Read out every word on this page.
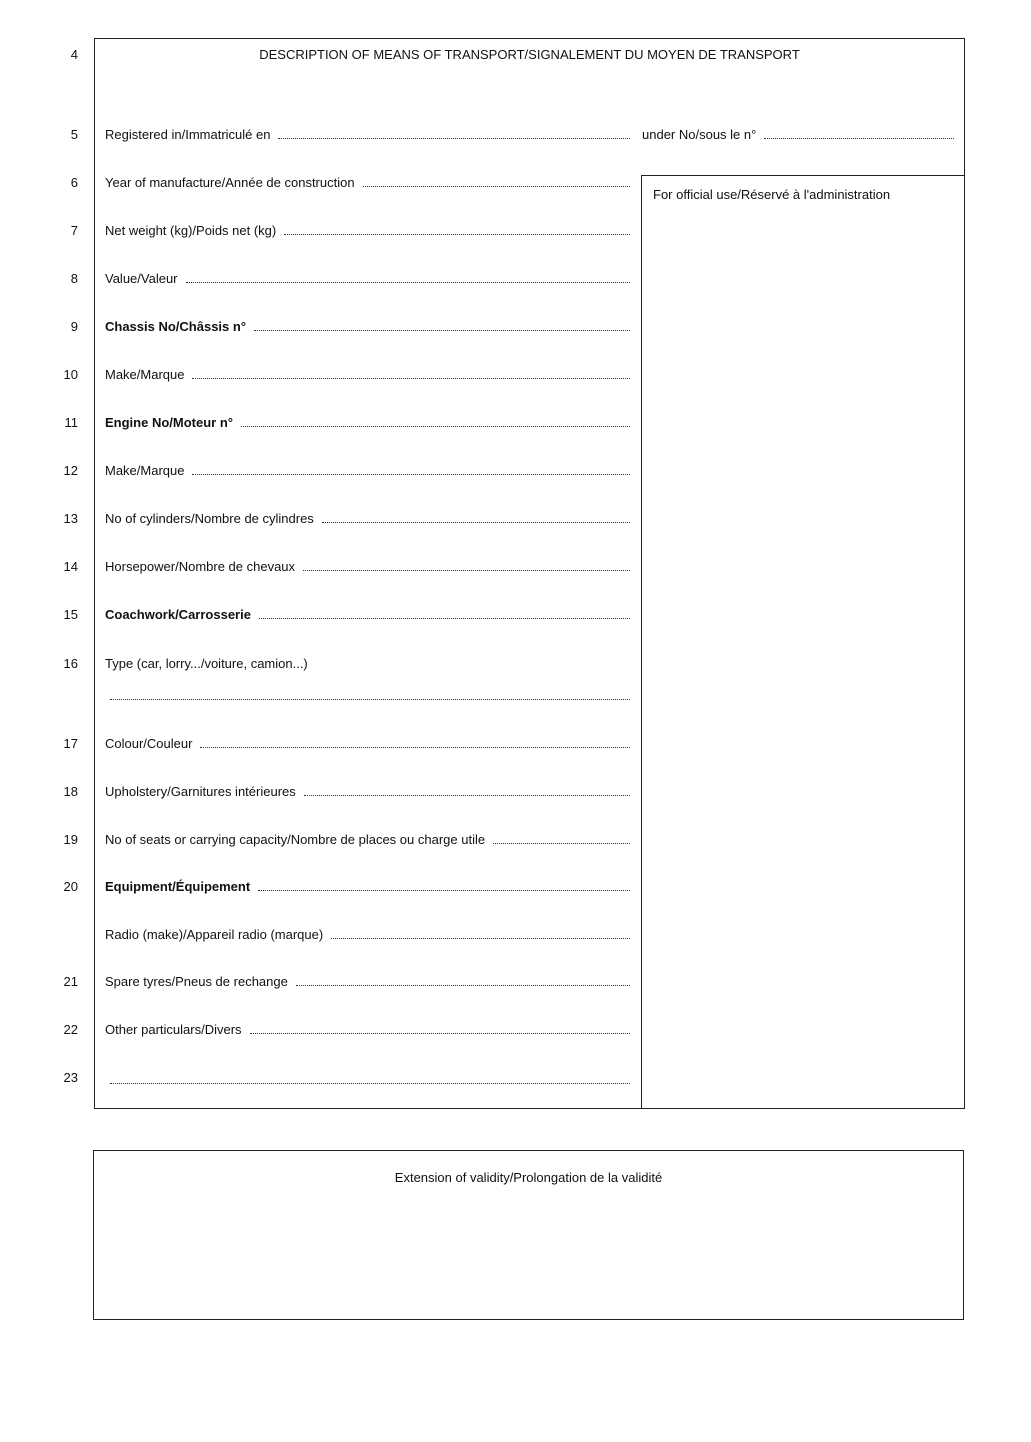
DESCRIPTION OF MEANS OF TRANSPORT/SIGNALEMENT DU MOYEN DE TRANSPORT
4
5
6
7
8
9
10
11
12
13
14
15
16
17
18
19
20
21
22
23
Registered in/Immatriculé en	under No/sous le n°
Year of manufacture/Année de construction
Net weight (kg)/Poids net (kg)
Value/Valeur
Chassis No/Châssis n°
Make/Marque
Engine No/Moteur n°
Make/Marque
No of cylinders/Nombre de cylindres
Horsepower/Nombre de chevaux
Coachwork/Carrosserie
Type (car, lorry.../voiture, camion...)
Colour/Couleur
Upholstery/Garnitures intérieures
No of seats or carrying capacity/Nombre de places ou charge utile
Equipment/Équipement
Radio (make)/Appareil radio (marque)
Spare tyres/Pneus de rechange
Other particulars/Divers
For official use/Réservé à l'administration
Extension of validity/Prolongation de la validité
